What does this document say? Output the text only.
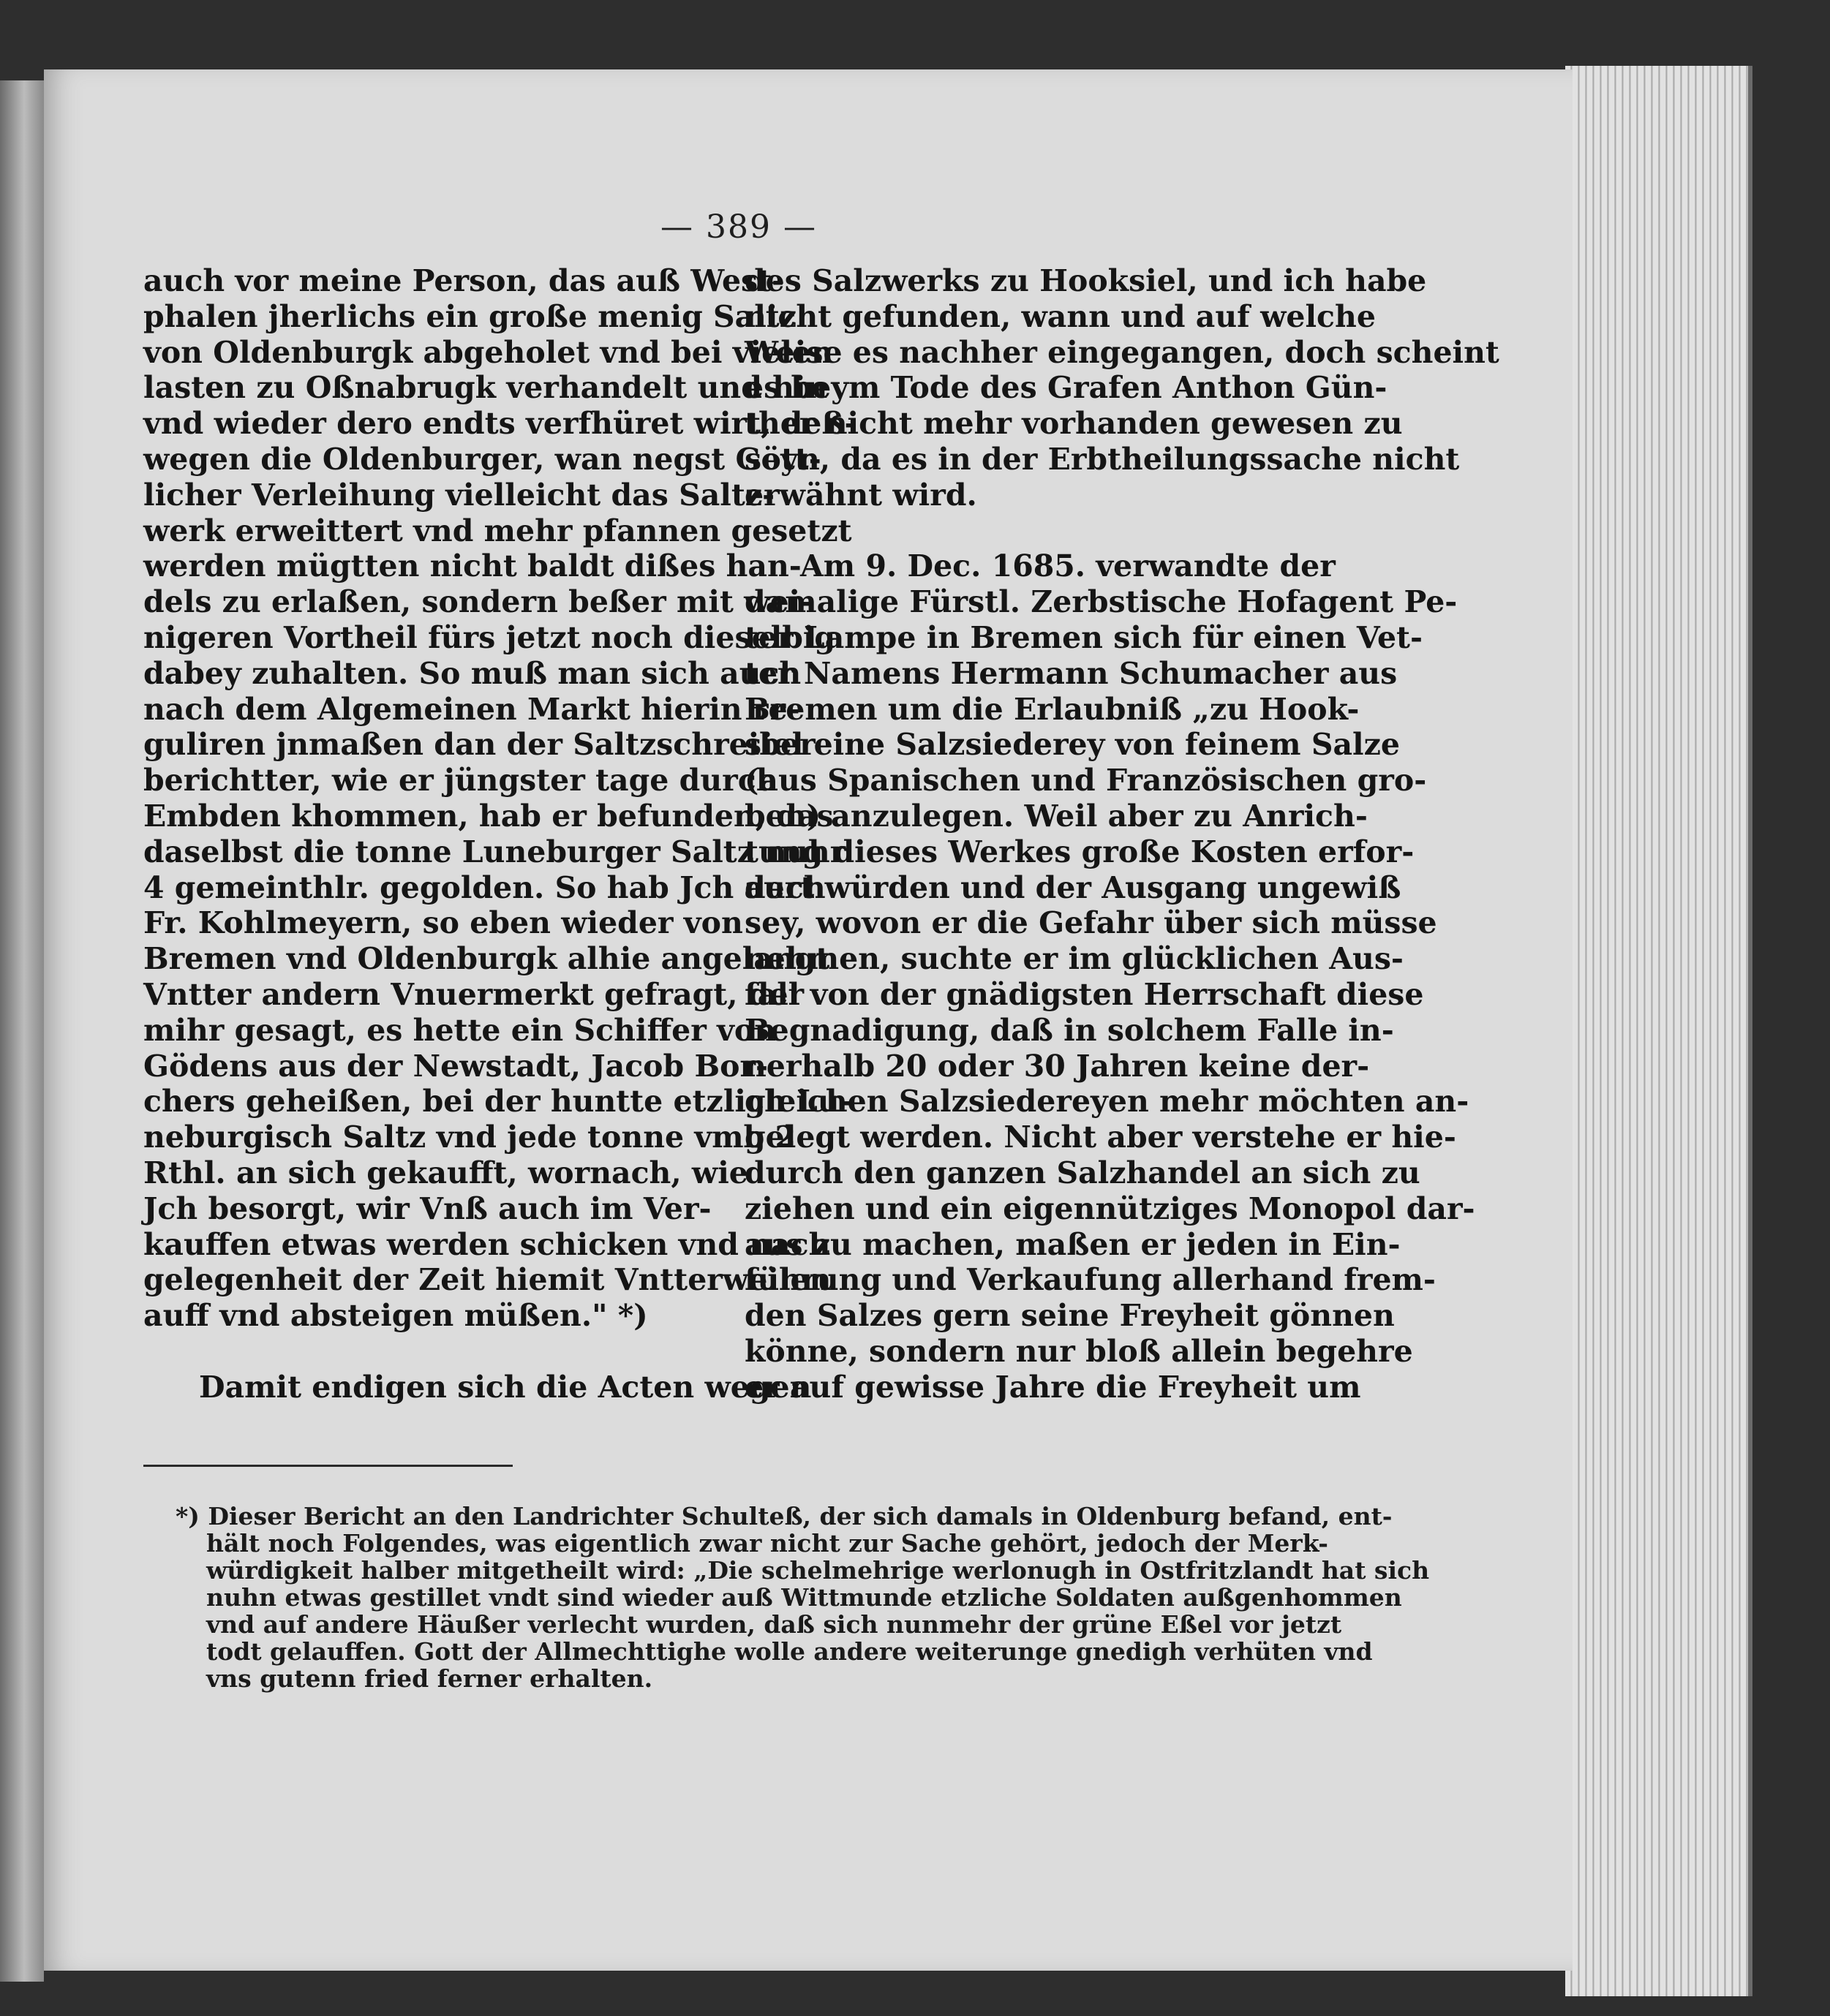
— 389 —
auch vor meine Person, das auß West-
phalen jherlichs ein große menig Saltz
von Oldenburgk abgeholet vnd bei vielen
lasten zu Oßnabrugk verhandelt und hin
vnd wieder dero endts verfhüret wirt, deß-
wegen die Oldenburger, wan negst Gött-
licher Verleihung vielleicht das Saltz-
werk erweittert vnd mehr pfannen gesetzt
werden mügtten nicht baldt dißes han-
dels zu erlaßen, sondern beßer mit wei-
nigeren Vortheil fürs jetzt noch dieselbig
dabey zuhalten. So muß man sich auch
nach dem Algemeinen Markt hierin re-
guliren jnmaßen dan der Saltzschreiber
berichtter, wie er jüngster tage durch
Embden khommen, hab er befunden, das
daselbst die tonne Luneburger Saltz nuhr
4 gemeinthlr. gegolden. So hab Jch auch
Fr. Kohlmeyern, so eben wieder von
Bremen vnd Oldenburgk alhie angelangt
Vntter andern Vnuermerkt gefragt, der
mihr gesagt, es hette ein Schiffer von
Gödens aus der Newstadt, Jacob Bor-
chers geheißen, bei der huntte etzlich Lu-
neburgisch Saltz vnd jede tonne vmb 2
Rthl. an sich gekaufft, wornach, wie
Jch besorgt, wir Vnß auch im Ver-
kauffen etwas werden schicken vnd nach
gelegenheit der Zeit hiemit Vntterweilen
auff vnd absteigen müßen." *)
Damit endigen sich die Acten wegen
des Salzwerks zu Hooksiel, und ich habe
nicht gefunden, wann und auf welche
Weise es nachher eingegangen, doch scheint
es beym Tode des Grafen Anthon Gün-
ther nicht mehr vorhanden gewesen zu
seyn, da es in der Erbtheilungssache nicht
erwähnt wird.
Am 9. Dec. 1685. verwandte der
damalige Fürstl. Zerbstische Hofagent Pe-
ter Lampe in Bremen sich für einen Vet-
ter Namens Hermann Schumacher aus
Bremen um die Erlaubniß „zu Hook-
siel eine Salzsiederey von feinem Salze
(aus Spanischen und Französischen gro-
ben) anzulegen. Weil aber zu Anrich-
tung dieses Werkes große Kosten erfor-
dert würden und der Ausgang ungewiß
sey, wovon er die Gefahr über sich müsse
nehmen, suchte er im glücklichen Aus-
fall von der gnädigsten Herrschaft diese
Begnadigung, daß in solchem Falle in-
nerhalb 20 oder 30 Jahren keine der-
gleichen Salzsiedereyen mehr möchten an-
gelegt werden. Nicht aber verstehe er hie-
durch den ganzen Salzhandel an sich zu
ziehen und ein eigennütziges Monopol dar-
aus zu machen, maßen er jeden in Ein-
führung und Verkaufung allerhand frem-
den Salzes gern seine Freyheit gönnen
könne, sondern nur bloß allein begehre
er auf gewisse Jahre die Freyheit um
*) Dieser Bericht an den Landrichter Schulteß, der sich damals in Oldenburg befand, ent-
hält noch Folgendes, was eigentlich zwar nicht zur Sache gehört, jedoch der Merk-
würdigkeit halber mitgetheilt wird: „Die schelmehrige werlonugh in Ostfritzlandt hat sich
nuhn etwas gestillet vndt sind wieder auß Wittmunde etzliche Soldaten außgenhommen
vnd auf andere Häußer verlecht wurden, daß sich nunmehr der grüne Eßel vor jetzt
todt gelauffen. Gott der Allmechttighe wolle andere weiterunge gnedigh verhüten vnd
vns gutenn fried ferner erhalten.
